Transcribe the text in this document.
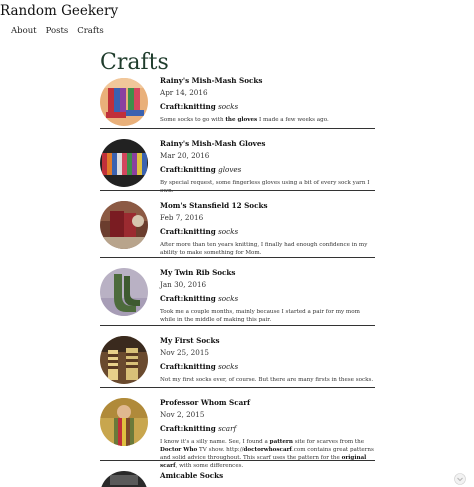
Random Geekery
About Posts Crafts
Crafts
Rainy's Mish-Mash Socks
Apr 14, 2016
Craft:knitting socks

Some socks to go with the gloves I made a few weeks ago.

Rainy's Mish-Mash Gloves
Mar 20, 2016
Craft:knitting gloves

By special request, some fingerless gloves using a bit of every sock yarn I own.

Mom's Stansfield 12 Socks
Feb 7, 2016
Craft:knitting socks

After more than ten years knitting, I finally had enough confidence in my ability to make something for Mom.

My Twin Rib Socks
Jan 30, 2016
Craft:knitting socks

Took me a couple months, mainly because I started a pair for my mom while in the middle of making this pair.

My First Socks
Nov 25, 2015
Craft:knitting socks

Not my first socks ever, of course. But there are many firsts in these socks.

Professor Whom Scarf
Nov 2, 2015
Craft:knitting scarf

I know it's a silly name. See, I found a pattern site for scarves from the Doctor Who TV show. http://doctorwhoscarf.com contains great patterns and solid advice throughout. This scarf uses the pattern for the original scarf, with some differences.

Amicable Socks
